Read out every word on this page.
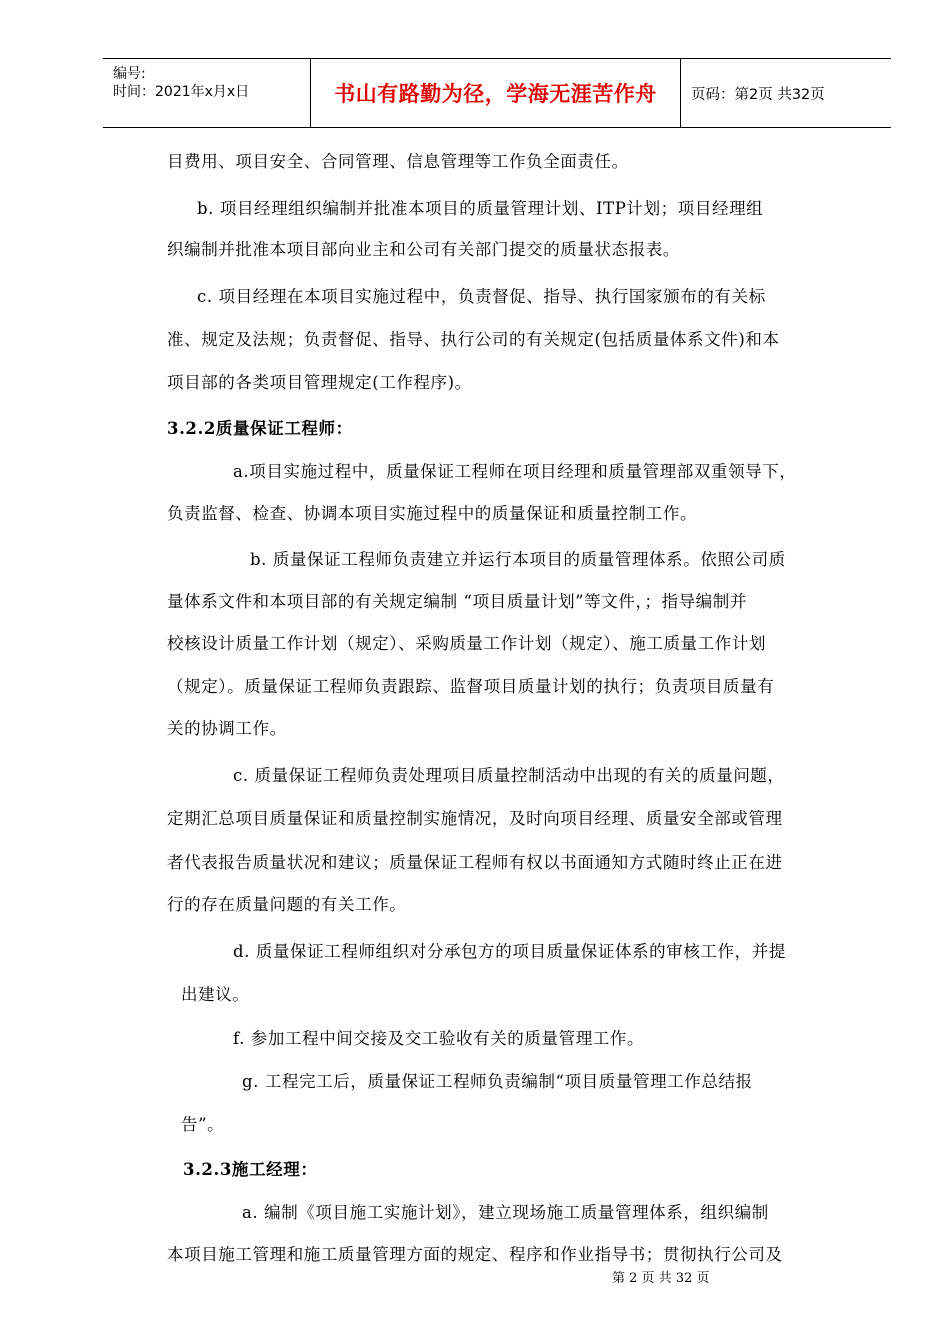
编号:
时间：2021年x月x日	书山有路勤为径，学海无涯苦作舟 页码：第2页 共32页
目费用、项目安全、合同管理、信息管理等工作负全面责任。
b. 项目经理组织编制并批准本项目的质量管理计划、ITP计划；项目经理组
织编制并批准本项目部向业主和公司有关部门提交的质量状态报表。
c. 项目经理在本项目实施过程中，负责督促、指导、执行国家颁布的有关标
准、规定及法规；负责督促、指导、执行公司的有关规定(包括质量体系文件)和本
项目部的各类项目管理规定(工作程序)。
3.2.2质量保证工程师：
a.项目实施过程中，质量保证工程师在项目经理和质量管理部双重领导下，
负责监督、检查、协调本项目实施过程中的质量保证和质量控制工作。
b. 质量保证工程师负责建立并运行本项目的质量管理体系。依照公司质
量体系文件和本项目部的有关规定编制 “项目质量计划”等文件，；指导编制并
校核设计质量工作计划（规定）、采购质量工作计划（规定）、施工质量工作计划
（规定）。质量保证工程师负责跟踪、监督项目质量计划的执行；负责项目质量有
关的协调工作。
c. 质量保证工程师负责处理项目质量控制活动中出现的有关的质量问题，
定期汇总项目质量保证和质量控制实施情况，及时向项目经理、质量安全部或管理
者代表报告质量状况和建议；质量保证工程师有权以书面通知方式随时终止正在进
行的存在质量问题的有关工作。
d. 质量保证工程师组织对分承包方的项目质量保证体系的审核工作，并提
出建议。
f. 参加工程中间交接及交工验收有关的质量管理工作。
g. 工程完工后，质量保证工程师负责编制“项目质量管理工作总结报
告”。
3.2.3施工经理：
a. 编制《项目施工实施计划》，建立现场施工质量管理体系，组织编制
本项目施工管理和施工质量管理方面的规定、程序和作业指导书；贯彻执行公司及
第 2 页 共 32 页
